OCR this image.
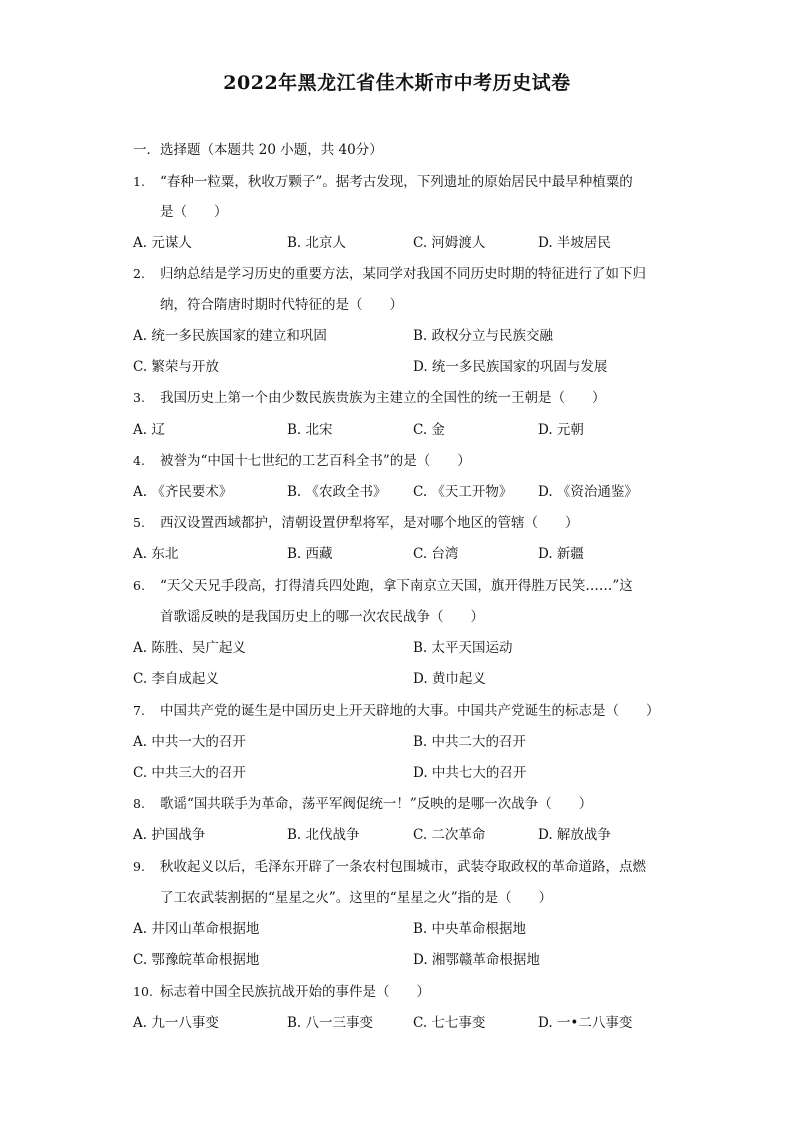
2022年黑龙江省佳木斯市中考历史试卷
一．选择题（本题共 20 小题，共 40分）
1. “春种一粒粟，秋收万颗子”。据考古发现，下列遗址的原始居民中最早种植粟的
是（　　）
A. 元谋人	B. 北京人	C. 河姆渡人	D. 半坡居民
2. 归纳总结是学习历史的重要方法，某同学对我国不同历史时期的特征进行了如下归
纳，符合隋唐时期时代特征的是（　　）
A. 统一多民族国家的建立和巩固	B. 政权分立与民族交融
C. 繁荣与开放	D. 统一多民族国家的巩固与发展
3. 我国历史上第一个由少数民族贵族为主建立的全国性的统一王朝是（　　）
A. 辽	B. 北宋	C. 金	D. 元朝
4. 被誉为“中国十七世纪的工艺百科全书”的是（　　）
A. 《齐民要术》	B. 《农政全书》 C. 《天工开物》 D. 《资治通鉴》
5. 西汉设置西域都护，清朝设置伊犁将军，是对哪个地区的管辖（　　）
A. 东北	B. 西藏	C. 台湾	D. 新疆
6. “天父天兄手段高，打得清兵四处跑，拿下南京立天国，旗开得胜万民笑……”这
首歌谣反映的是我国历史上的哪一次农民战争（　　）
A. 陈胜、吴广起义	B. 太平天国运动
C. 李自成起义	D. 黄巾起义
7. 中国共产党的诞生是中国历史上开天辟地的大事。中国共产党诞生的标志是（　　）
A. 中共一大的召开	B. 中共二大的召开
C. 中共三大的召开	D. 中共七大的召开
8. 歌谣“国共联手为革命，荡平军阀促统一！”反映的是哪一次战争（　　）
A. 护国战争	B. 北伐战争	C. 二次革命	D. 解放战争
9. 秋收起义以后，毛泽东开辟了一条农村包围城市，武装夺取政权的革命道路，点燃
了工农武装割据的“星星之火”。这里的“星星之火”指的是（　　）
A. 井冈山革命根据地	B. 中央革命根据地
C. 鄂豫皖革命根据地	D. 湘鄂赣革命根据地
10. 标志着中国全民族抗战开始的事件是（　　）
A. 九一八事变	B. 八一三事变	C. 七七事变	D. 一•二八事变
